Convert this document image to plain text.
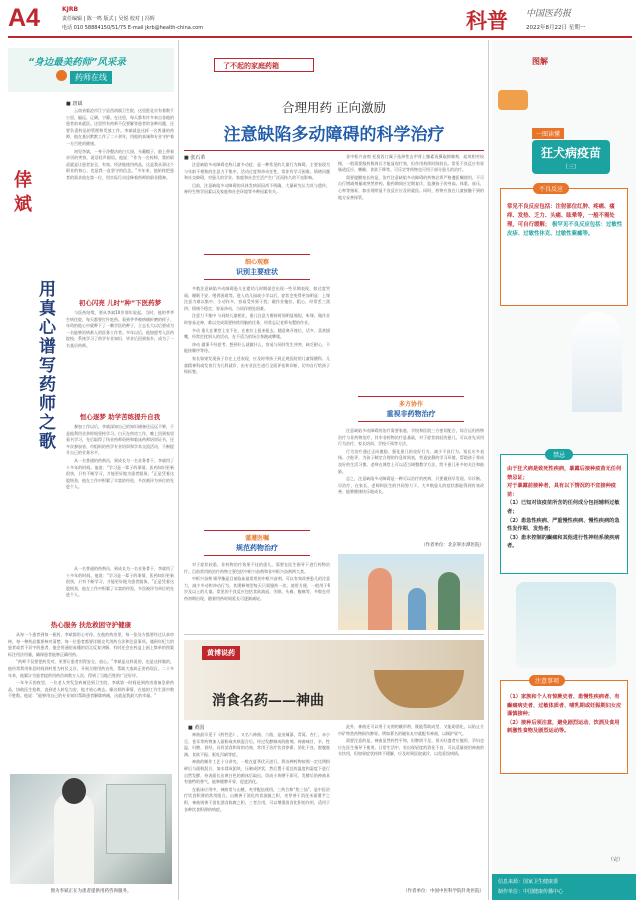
A4	KJRB
责任编辑 | 陈一鸣 版式 | 吴悦 校对 | 冯辉
电话 010 58884150/51/75 E-mail jkrb@health-china.com	科普 中国医药报
2022年8月22日 星期一
“身边最美药师”风采录
药师在线
■ 唐斌
倖斌
用真心谱写药师之歌

云南省临沧市江宁县西南镇卫生院，这里距北京有着数千公里，偏远、辽阔、宁静。在这里，每天都有许多来自各地的患者前来就医。这里所有药师不仅要解答患者的各种问题，还要负责药品的管理和发放工作。李斌就是这样一名普通的药师，他在基层默默工作了二十余年，用他的真诚和专业守护着一方百姓的健康。

初见李斌，一身干净整洁的白大褂，头戴帽子，脸上带着亲切的笑容，说话轻声细语。他说：“作为一名药师，我的职责就是让患者安全、有效、经济地使用药品，这是我从事这个职业的初心，也是我一直坚守的信念。”多年来，他始终把患者的需求放在第一位，用实际行动诠释着药师的职业精神。

初心闪亮 儿时“种”下医药梦

与医药结缘，要从李斌10岁那年说起。当时，他的爷爷生病住院，每天都要打针吃药。看到爷爷被病痛折磨的样子，年幼的他心中就种下了一颗学医的种子，立志长大以后要成为一名能够治病救人的医务工作者。多年以后，他如愿考入医药院校，系统学习了药学专业知识，毕业后回到家乡，成为了一名基层药师。

恒心逐梦 助学苦练提升自我

参加工作以后，李斌深知自己的知识储备还远远不够，于是他利用业余时间坚持学习。白天在药房工作，晚上回到家里看书学习，先后取得了执业药师资格和临床药师培训证书，还多次参加省、市组织的药学专业培训和学术交流活动，不断提升自己的业务水平。

从一名普通的药剂员，到成长为一名业务骨干，李斌用了十多年的时间。他说：“学习是一辈子的事情，医药知识更新很快，只有不断学习，才能更好地为患者服务。”正是凭着这股韧劲，他在工作中积累了丰富的经验，多次被评为单位的先进个人。

热心服务 扶危救困守护健康

从每一个患者到每一瓶药，李斌都用心对待。在他的药房里，每一张处方都要经过认真审核，每一种药品都要核对清楚，每一位患者都要详细交代用药方法和注意事项。遇到年纪大的患者或者不识字的患者，他会用通俗易懂的语言反复讲解，有时还会在药盒上画上简单的图案标注用法用量，确保患者能够正确用药。

“药师不仅要把药发对，更要让患者用得安全、放心。”李斌是这样说的，也是这样做的。他经常利用休息时间到村里为村民义诊，开展合理用药宣传，帮助大家纠正用药误区。二十多年来，他累计为患者提供用药咨询数万人次，得到了当地百姓的广泛好评。

一年冬天的夜里，一位老人突发急病被送到卫生院，李斌第一时间赶到药房准备急救药品，协助医生抢救，直到老人转危为安，他才放心离去。像这样的事情，在他的工作生涯中数不胜数。他说：“能够用自己的专业知识帮助患者解除病痛，这就是我最大的幸福。”

从一名普通的药剂员，到成长为一名业务骨干，李斌用了十多年的时间。他说：“学习是一辈子的事情，医药知识更新很快，只有不断学习，才能更好地为患者服务。”正是凭着这股韧劲，他在工作中积累了丰富的经验，多次被评为单位的先进个人。

图为李斌正在为患者提供用药咨询服务。
了不起的家庭药箱
合理用药 正向激励
注意缺陷多动障碍的科学治疗
■ 张石革

注意缺陷多动障碍也称儿童多动症，是一种常见的儿童行为障碍，主要表现为与年龄不相称的注意力不集中、活动过度和冲动任性，常伴有学习困难、情绪问题和社交障碍，对患儿的学业、家庭和社会生活产生广泛而持久的不良影响。

目前，注意缺陷多动障碍的具体发病原因尚不明确，大量研究认为其与遗传、神经生物学因素以及家庭和社会环境等多种因素有关。

细心观察
识别主要症状

多数注意缺陷多动障碍患儿在婴幼儿时期就会出现一些早期表现，如过度哭闹、睡眠不安、喂养困难等。进入幼儿园或小学以后，症状会变得更加明显：上课注意力难以集中，小动作多，容易受外界干扰；做作业拖拉、粗心，经常丢三落四；情绪不稳定，容易冲动，与同伴相处困难。

注意力不集中 与同龄儿童相比，患儿注意力维持时间明显缩短，听课、做作业时容易走神，难以完成需要持续用脑的任务，经常忘记老师布置的作业。

多动 患儿在课堂上坐不住，在座位上扭来扭去，随意离开座位，话多，喜欢插嘴，经常打扰别人的活动，在不适当的场合奔跑或攀爬。

冲动 做事不经思考，想到什么就做什么，容易与同伴发生冲突，缺乏耐心，不能按顺序等待。

家长如果发现孩子存在上述表现，应及时带孩子到正规医院的儿童保健科、儿童精神科或发育行为儿科就诊，由专业医生进行全面评估和诊断，切勿自行给孩子贴标签。

谨遵医嘱
规范药物治疗

对于症状较重、非药物治疗效果不佳的患儿，需要在医生指导下进行药物治疗。目前常用的治疗药物主要包括中枢兴奋剂和非中枢兴奋剂两大类。

中枢兴奋剂 哌甲酯是目前临床最常用的中枢兴奋剂，可以有效改善患儿的注意力，减少多动和冲动行为。其缓释剂型每天只需服药一次，使用方便，一般用于6岁及以上的儿童。常见的不良反应包括食欲减退、失眠、头痛、腹痛等，多数在用药初期出现，随着用药时间延长可逐渐减轻。

非中枢兴奋剂 托莫西汀属于选择性去甲肾上腺素再摄取抑制剂，起效相对较慢，一般需要服药数周后才能显现疗效，但作用持续时间较长。常见不良反应有胃肠道反应、嗜睡、食欲下降等。可乐定等药物也可用于部分患儿的治疗。

需要提醒家长的是，治疗注意缺陷多动障碍的药物必须严格遵医嘱使用，不可自行增减剂量或突然停药。服药期间应定期复诊，监测孩子的身高、体重、血压、心率等指标，如出现明显不良反应应及时就医。同时，药物应放在儿童接触不到的地方妥善保管。

多方协作
重视非药物治疗

注意缺陷多动障碍的治疗需要家庭、学校和医院三方密切配合，综合运用药物治疗与非药物治疗。其中非药物治疗是基础，对于症状较轻的患儿，可以首先采用行为治疗、家长培训、学校干预等方法。

行为治疗通过正向激励，强化患儿的良好行为，减少不良行为。家长应多表扬、少批评，为孩子制定合理的作息时间表，营造安静的学习环境，帮助孩子养成良好的生活习惯。老师在课堂上可以适当调整教学方法，给予患儿更多的关注和鼓励。

总之，注意缺陷多动障碍是一种可以治疗的疾病，只要做到早发现、早诊断、早治疗，在家长、老师和医生的共同努力下，大多数患儿的症状都能得到有效改善，能够健康快乐地成长。

（作者单位：北京积水潭医院）
黄博说药
消食名药——神曲
■ 黄国

神曲最早见于《药性论》，又名六神曲、六曲，是由辣蓼、青蒿、杏仁、赤小豆、苍耳等药物加入面粉或麦麸混合后，经过发酵制成的曲剂。神曲味甘、辛，性温，归脾、胃经，具有消食和胃的功效，常用于治疗饮食停滞、消化不良、脘腹胀满、食欲不振、呕吐泻痢等症。

神曲的制作工艺十分讲究，一般在夏季伏天进行。将各种药物按照一定比例粉碎后与面粉混合，加水揉成团块，压制成饼状，然后置于适宜的温度和湿度下进行自然发酵，待表面长出黄白色的菌丝后取出，切成小块晒干即可。发酵后的神曲具有独特的香气，能够健脾开胃，促进消化。

在临床应用中，神曲常与山楂、麦芽配伍使用，三药合称“焦三仙”，是中医治疗饮食积滞的常用组合。山楂善于消化肉食油腻之积，麦芽善于消化米面薯芋之积，神曲则善于消化酒食陈腐之积，三者合用，可以增强消食化积的作用，适用于各种饮食积滞的病症。

此外，神曲还可以用于丸剂的赋形剂，既能帮助成型，又能助消化，以防止方中矿物类药物损伤脾胃。例如著名的磁朱丸中就配有神曲，以顾护胃气。

需要注意的是，神曲虽然药性平和，但脾阴不足、胃火旺盛者应慎用，孕妇也应在医生指导下使用。日常生活中，若出现轻度的消化不良，可以适量使用神曲煎水饮用，但如果症状持续不缓解，应及时到医院就诊，以免延误病情。

（作者单位：中国中医科学院针灸医院）
图解
一图读懂
狂犬病疫苗
（三）
不良反应
常见不良反应包括：注射部位红肿、疼痛、瘙痒、发热、乏力、头痛、眩晕等，一般不需处理，可自行缓解； 极罕见不良反应包括：过敏性皮疹、过敏性休克、过敏性紫癜等。
禁忌
由于狂犬病是致死性疾病，暴露后接种疫苗无任何禁忌证；
对于暴露前接种者，具有以下情况的不宜接种疫苗：
（1）已知对该疫苗所含的任何成分包括辅料过敏者；
（2）患急性疾病、严重慢性疾病、慢性疾病的急性发作期、发热者；
（3）患未控制的癫痫和其他进行性神经系统疾病者。
注意事项
（1）家族和个人有惊厥史者、患慢性疾病者、有癫痫病史者、过敏体质者、哺乳期或妊娠期妇女应谨慎接种；
（2）接种后须注意，避免剧烈运动、饮酒及食用刺激性食物及剧烈运动等。
（完）
信息来源：国家卫生健康委
制作单位：中国健康传播中心
